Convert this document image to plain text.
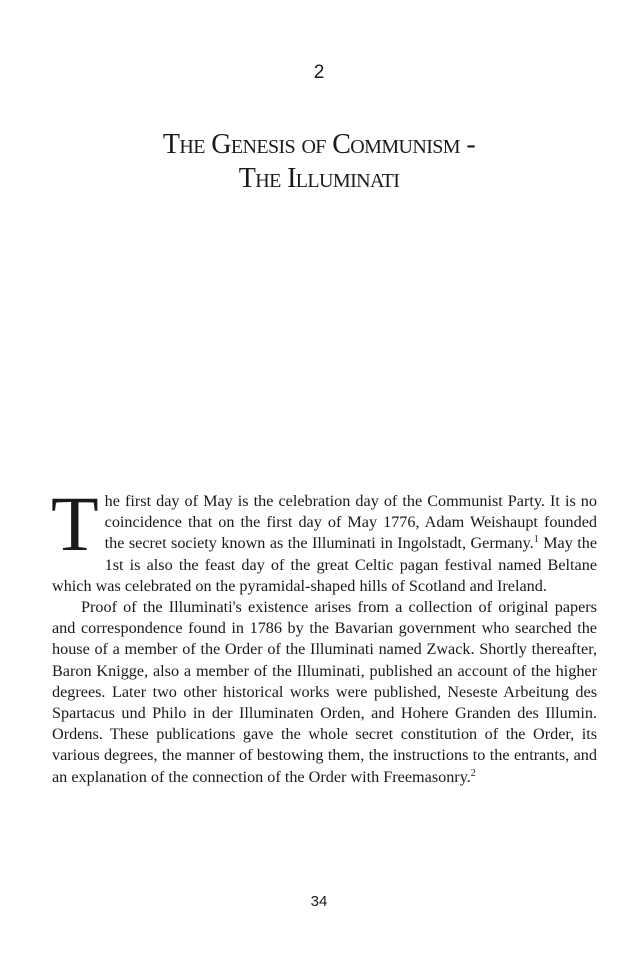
2
The Genesis of Communism -
The Illuminati

The first day of May is the celebration day of the Communist Party. It is no coincidence that on the first day of May 1776, Adam Weishaupt founded the secret society known as the Illuminati in Ingolstadt, Germany.$^1$ May the 1st is also the feast day of the great Celtic pagan festival named Beltane which was celebrated on the pyramidal-shaped hills of Scotland and Ireland.

Proof of the Illuminati's existence arises from a collection of original papers and correspondence found in 1786 by the Bavarian government who searched the house of a member of the Order of the Illuminati named Zwack. Shortly thereafter, Baron Knigge, also a member of the Illuminati, published an account of the higher degrees. Later two other historical works were published, Neseste Arbeitung des Spartacus und Philo in der Illuminaten Orden, and Hohere Granden des Illumin. Ordens. These publications gave the whole secret constitution of the Order, its various degrees, the manner of bestowing them, the instructions to the entrants, and an explanation of the connection of the Order with Freemasonry.$^2$

34
